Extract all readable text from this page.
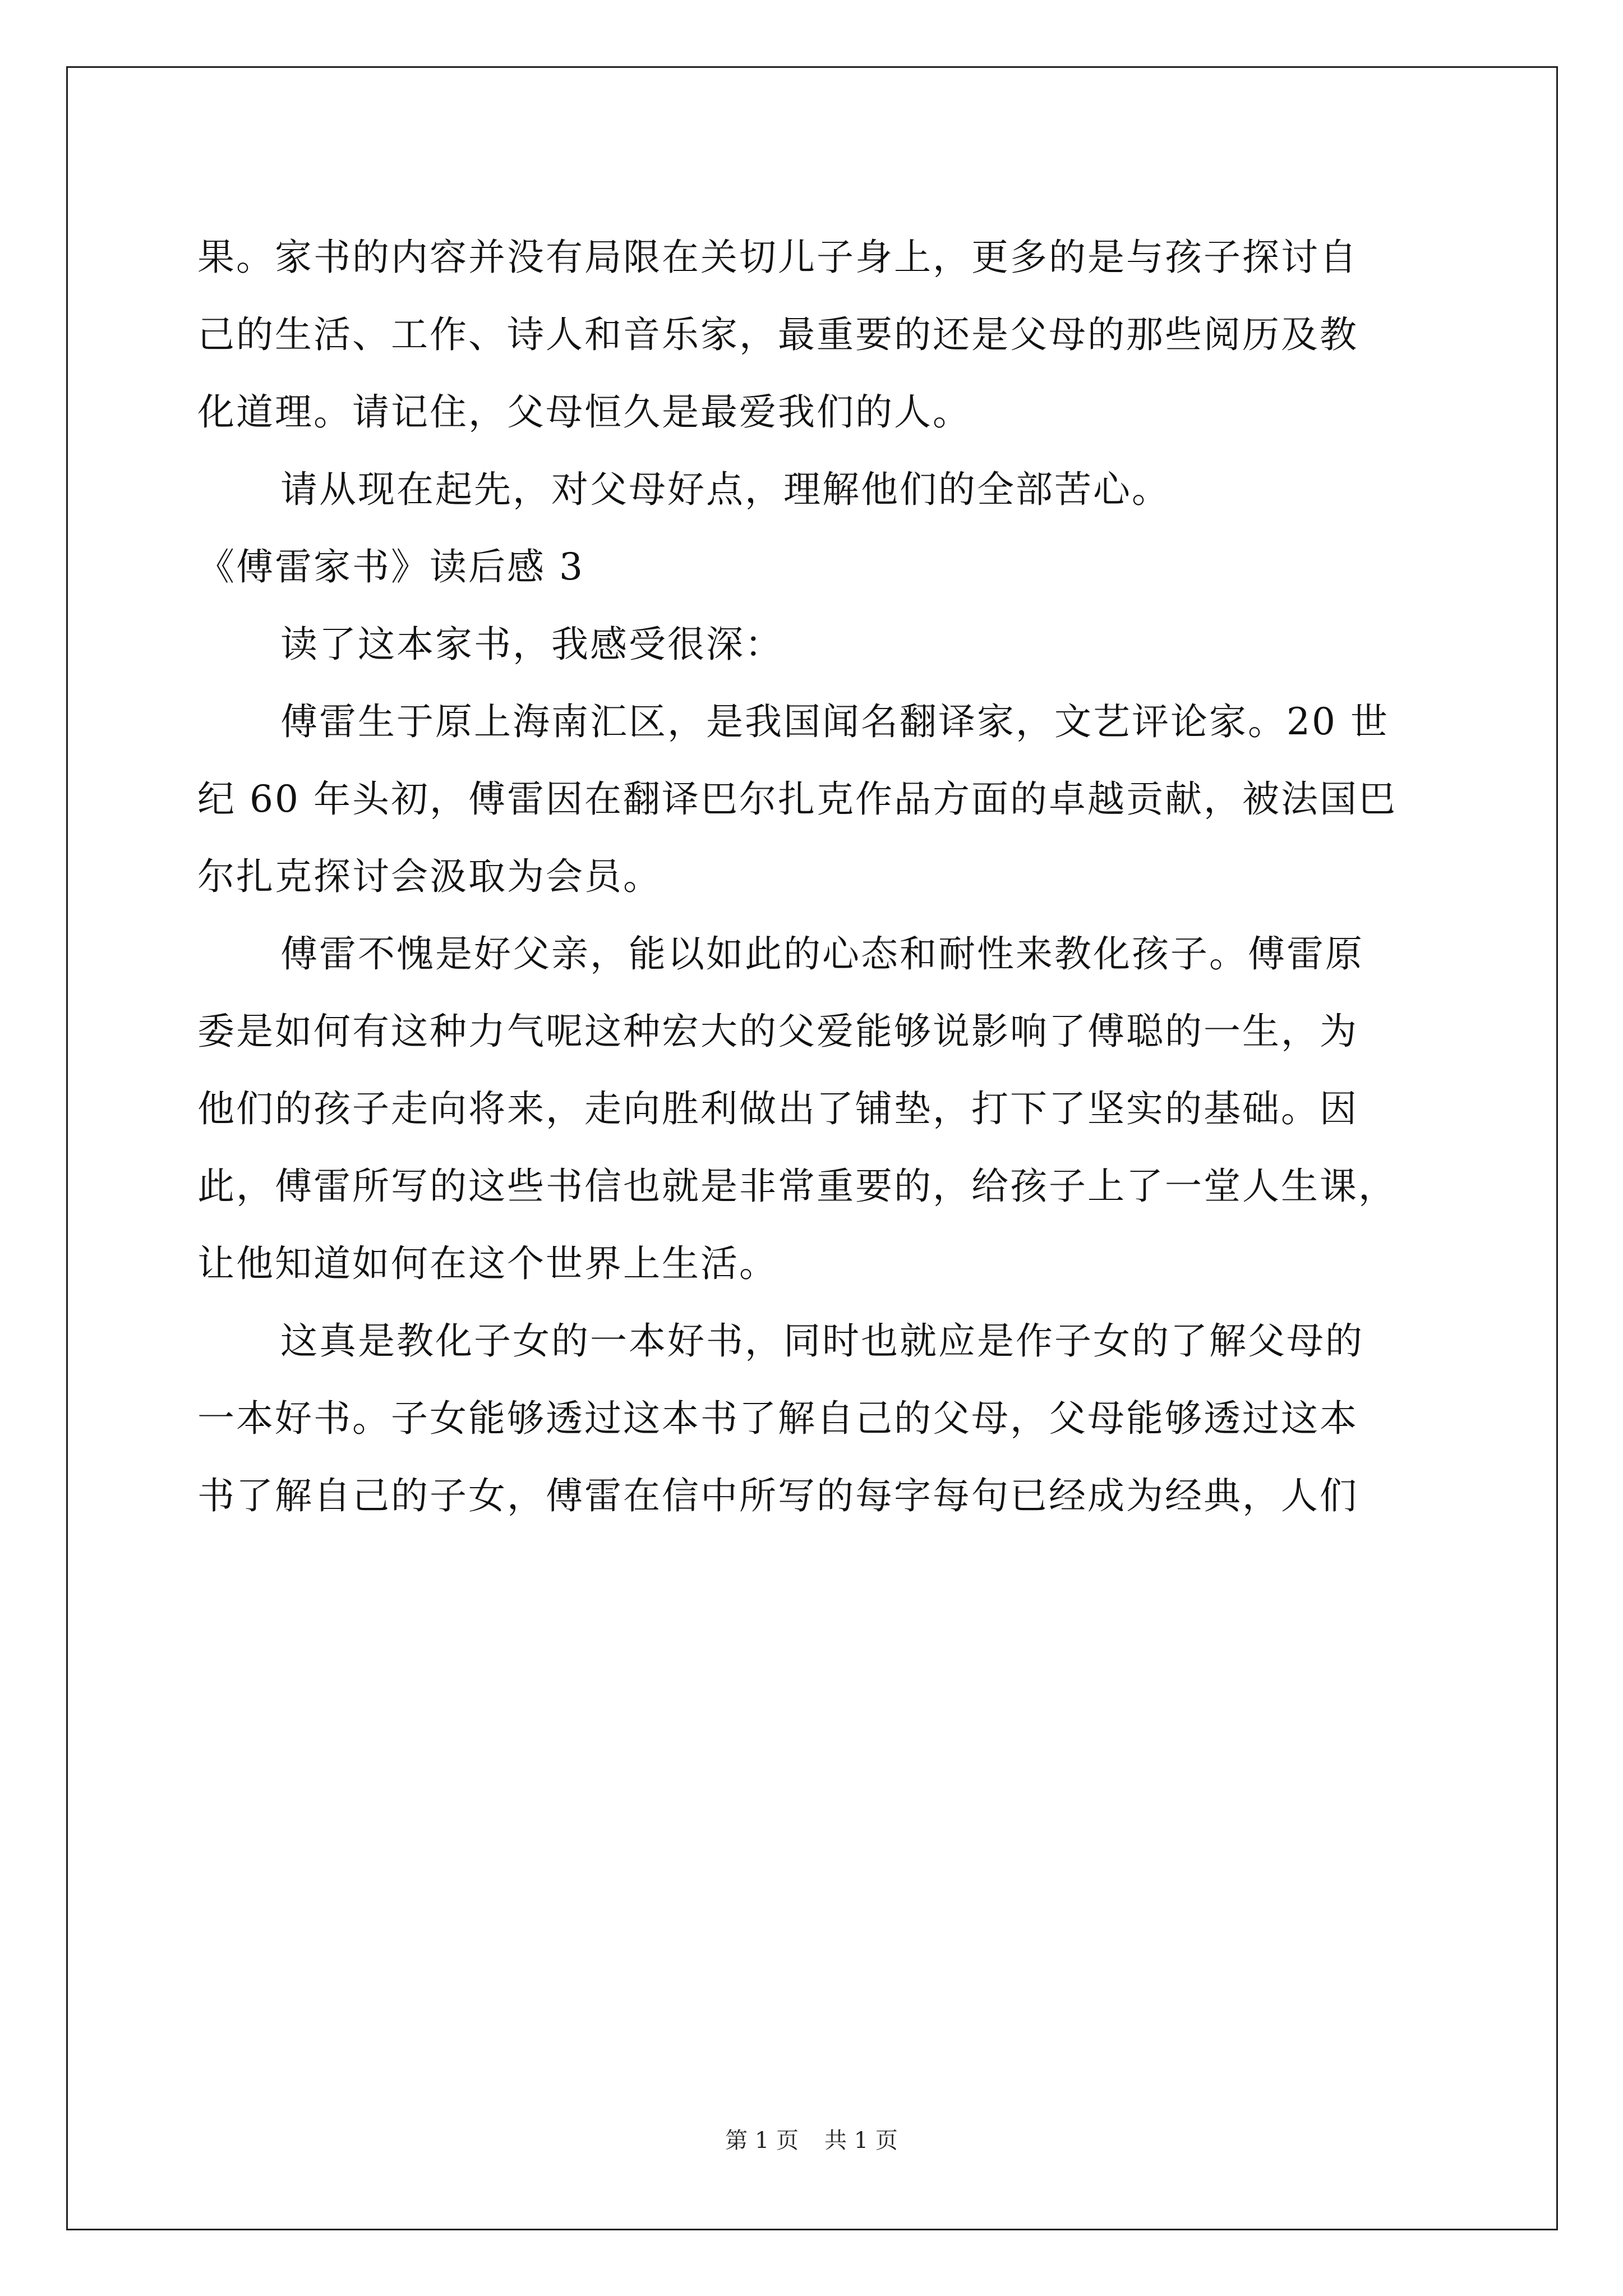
果。家书的内容并没有局限在关切儿子身上，更多的是与孩子探讨自
己的生活、工作、诗人和音乐家，最重要的还是父母的那些阅历及教
化道理。请记住，父母恒久是最爱我们的人。
请从现在起先，对父母好点，理解他们的全部苦心。
《傅雷家书》读后感 3
读了这本家书，我感受很深：
傅雷生于原上海南汇区，是我国闻名翻译家，文艺评论家。20 世
纪 60 年头初，傅雷因在翻译巴尔扎克作品方面的卓越贡献，被法国巴
尔扎克探讨会汲取为会员。
傅雷不愧是好父亲，能以如此的心态和耐性来教化孩子。傅雷原
委是如何有这种力气呢这种宏大的父爱能够说影响了傅聪的一生，为
他们的孩子走向将来，走向胜利做出了铺垫，打下了坚实的基础。因
此，傅雷所写的这些书信也就是非常重要的，给孩子上了一堂人生课，
让他知道如何在这个世界上生活。
这真是教化子女的一本好书，同时也就应是作子女的了解父母的
一本好书。子女能够透过这本书了解自己的父母，父母能够透过这本
书了解自己的子女，傅雷在信中所写的每字每句已经成为经典，人们
第 1 页 共 1 页
